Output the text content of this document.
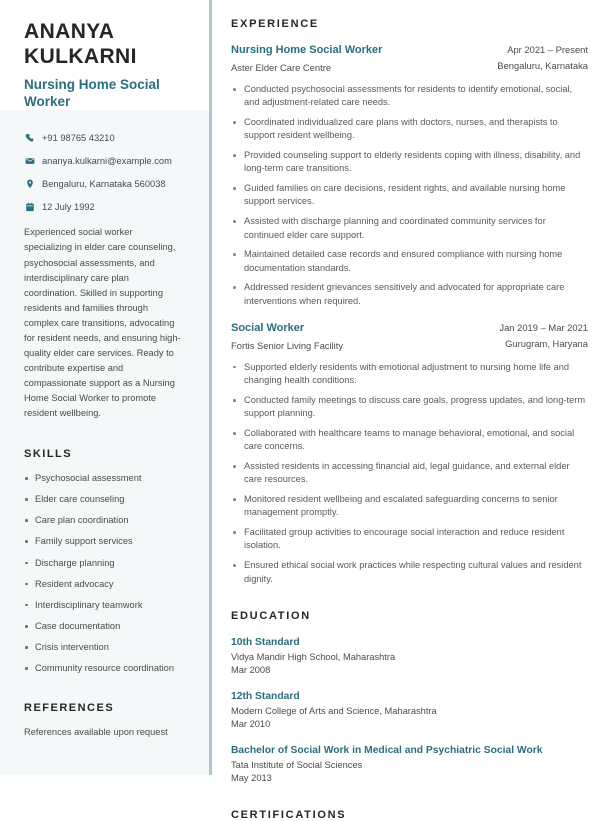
ANANYA KULKARNI
Nursing Home Social Worker
+91 98765 43210
ananya.kulkarni@example.com
Bengaluru, Karnataka 560038
12 July 1992

Experienced social worker specializing in elder care counseling, psychosocial assessments, and interdisciplinary care plan coordination. Skilled in supporting residents and families through complex care transitions, advocating for resident needs, and ensuring high-quality elder care services. Ready to contribute expertise and compassionate support as a Nursing Home Social Worker to promote resident wellbeing.

SKILLS
Psychosocial assessment
Elder care counseling
Care plan coordination
Family support services
Discharge planning
Resident advocacy
Interdisciplinary teamwork
Case documentation
Crisis intervention
Community resource coordination
REFERENCES

References available upon request

EXPERIENCE
Nursing Home Social Worker

Aster Elder Care Centre

Apr 2021 – Present

Bengaluru, Karnataka

Conducted psychosocial assessments for residents to identify emotional, social, and adjustment-related care needs.
Coordinated individualized care plans with doctors, nurses, and therapists to support resident wellbeing.
Provided counseling support to elderly residents coping with illness, disability, and long-term care transitions.
Guided families on care decisions, resident rights, and available nursing home support services.
Assisted with discharge planning and coordinated community services for continued elder care support.
Maintained detailed case records and ensured compliance with nursing home documentation standards.
Addressed resident grievances sensitively and advocated for appropriate care interventions when required.
Social Worker

Fortis Senior Living Facility

Jan 2019 – Mar 2021

Gurugram, Haryana

Supported elderly residents with emotional adjustment to nursing home life and changing health conditions.
Conducted family meetings to discuss care goals, progress updates, and long-term support planning.
Collaborated with healthcare teams to manage behavioral, emotional, and social care concerns.
Assisted residents in accessing financial aid, legal guidance, and external elder care resources.
Monitored resident wellbeing and escalated safeguarding concerns to senior management promptly.
Facilitated group activities to encourage social interaction and reduce resident isolation.
Ensured ethical social work practices while respecting cultural values and resident dignity.
EDUCATION
10th Standard

Vidya Mandir High School, Maharashtra

Mar 2008

12th Standard

Modern College of Arts and Science, Maharashtra

Mar 2010

Bachelor of Social Work in Medical and Psychiatric Social Work

Tata Institute of Social Sciences

May 2013

CERTIFICATIONS
